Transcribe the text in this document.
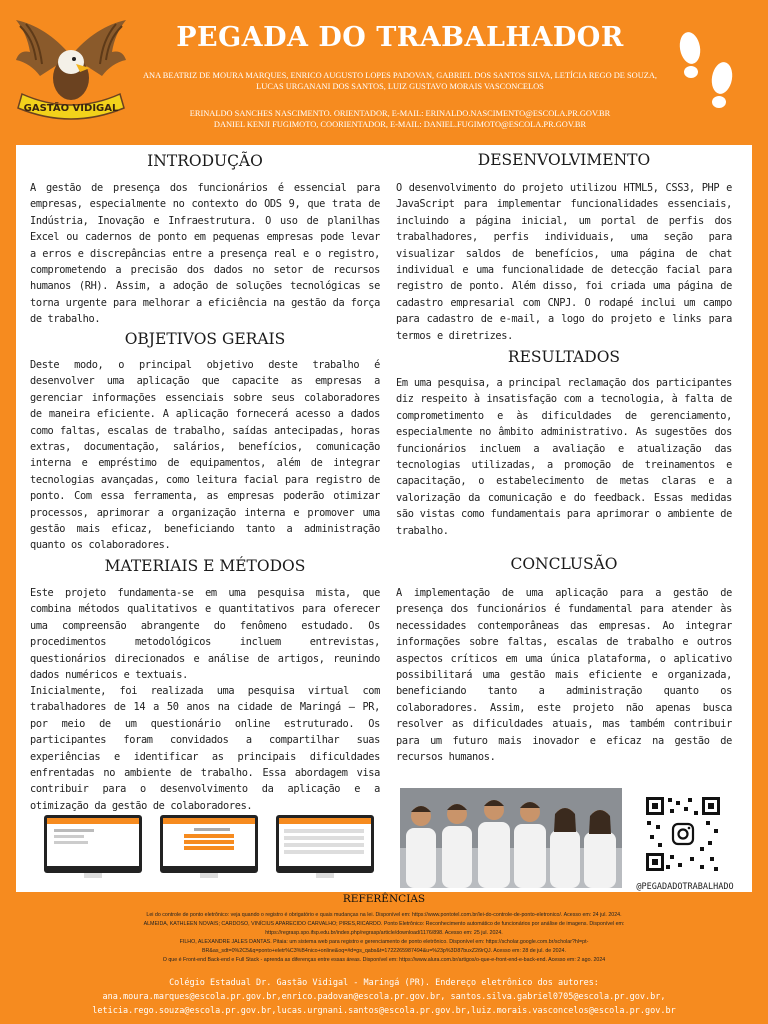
GASTÃO VIDIGAL
PEGADA DO TRABALHADOR

ANA BEATRIZ DE MOURA MARQUES, ENRICO AUGUSTO LOPES PADOVAN, GABRIEL DOS SANTOS SILVA, LETÍCIA REGO DE SOUZA, LUCAS URGANANI DOS SANTOS, LUIZ GUSTAVO MORAIS VASCONCELOS

ERINALDO SANCHES NASCIMENTO. ORIENTADOR, E-MAIL: ERINALDO.NASCIMENTO@ESCOLA.PR.GOV.BR
DANIEL KENJI FUGIMOTO, COORIENTADOR, E-MAIL: DANIEL.FUGIMOTO@ESCOLA.PR.GOV.BR
INTRODUÇÃO

A gestão de presença dos funcionários é essencial para empresas, especialmente no contexto do ODS 9, que trata de Indústria, Inovação e Infraestrutura. O uso de planilhas Excel ou cadernos de ponto em pequenas empresas pode levar a erros e discrepâncias entre a presença real e o registro, comprometendo a precisão dos dados no setor de recursos humanos (RH). Assim, a adoção de soluções tecnológicas se torna urgente para melhorar a eficiência na gestão da força de trabalho.

OBJETIVOS GERAIS

Deste modo, o principal objetivo deste trabalho é desenvolver uma aplicação que capacite as empresas a gerenciar informações essenciais sobre seus colaboradores de maneira eficiente. A aplicação fornecerá acesso a dados como faltas, escalas de trabalho, saídas antecipadas, horas extras, documentação, salários, benefícios, comunicação interna e empréstimo de equipamentos, além de integrar tecnologias avançadas, como leitura facial para registro de ponto. Com essa ferramenta, as empresas poderão otimizar processos, aprimorar a organização interna e promover uma gestão mais eficaz, beneficiando tanto a administração quanto os colaboradores.

MATERIAIS E MÉTODOS

Este projeto fundamenta-se em uma pesquisa mista, que combina métodos qualitativos e quantitativos para oferecer uma compreensão abrangente do fenômeno estudado. Os procedimentos metodológicos incluem entrevistas, questionários direcionados e análise de artigos, reunindo dados numéricos e textuais.

Inicialmente, foi realizada uma pesquisa virtual com trabalhadores de 14 a 50 anos na cidade de Maringá – PR, por meio de um questionário online estruturado. Os participantes foram convidados a compartilhar suas experiências e identificar as principais dificuldades enfrentadas no ambiente de trabalho. Essa abordagem visa contribuir para o desenvolvimento da aplicação e a otimização da gestão de colaboradores.

DESENVOLVIMENTO

O desenvolvimento do projeto utilizou HTML5, CSS3, PHP e JavaScript para implementar funcionalidades essenciais, incluindo a página inicial, um portal de perfis dos trabalhadores, perfis individuais, uma seção para visualizar saldos de benefícios, uma página de chat individual e uma funcionalidade de detecção facial para registro de ponto. Além disso, foi criada uma página de cadastro empresarial com CNPJ. O rodapé inclui um campo para cadastro de e-mail, a logo do projeto e links para termos e diretrizes.

RESULTADOS

Em uma pesquisa, a principal reclamação dos participantes diz respeito à insatisfação com a tecnologia, à falta de comprometimento e às dificuldades de gerenciamento, especialmente no âmbito administrativo. As sugestões dos funcionários incluem a avaliação e atualização das tecnologias utilizadas, a promoção de treinamentos e capacitação, o estabelecimento de metas claras e a valorização da comunicação e do feedback. Essas medidas são vistas como fundamentais para aprimorar o ambiente de trabalho.

CONCLUSÃO

A implementação de uma aplicação para a gestão de presença dos funcionários é fundamental para atender às necessidades contemporâneas das empresas. Ao integrar informações sobre faltas, escalas de trabalho e outros aspectos críticos em uma única plataforma, o aplicativo possibilitará uma gestão mais eficiente e organizada, beneficiando tanto a administração quanto os colaboradores. Assim, este projeto não apenas busca resolver as dificuldades atuais, mas também contribuir para um futuro mais inovador e eficaz na gestão de recursos humanos.

@PEGADADOTRABALHADO
REFERÊNCIAS
Lei do controle de ponto eletrônico: veja quando o registro é obrigatório e quais mudanças na lei. Disponível em: https://www.pontotel.com.br/lei-do-controle-de-ponto-eletronico/. Acesso em: 24 jul. 2024.
ALMEIDA, KATHLEEN NOVAIS; CARDOSO, VINÍCIUS APARECIDO CARVALHO; PIRES,RICARDO. Ponto Eletrônico: Reconhecimento automático de funcionários por análise de imagens. Disponível em: https://regrasp.spo.ifsp.edu.br/index.php/regrasp/article/download/1176/898. Acesso em: 25 jul. 2024.
FILHO, ALEXANDRE JALES DANTAS. Pitaia: um sistema web para registro e gerenciamento de ponto eletrônico. Disponível em: https://scholar.google.com.br/scholar?hl=pt-BR&as_sdt=0%2C5&q=ponto+eletr%C3%B4nico+online&oq=#d=gs_qabs&t=1722265987494&u=%23p%3D87buxZ2i9rQJ. Acesso em: 28 de jul. de 2024.
O que é Front-end Back-end e Full Stack - aprenda as diferenças entre essas áreas. Disponível em: https://www.alura.com.br/artigos/o-que-e-front-end-e-back-end. Acesso em: 2 ago. 2024
Colégio Estadual Dr. Gastão Vidigal - Maringá (PR). Endereço eletrônico dos autores:
ana.moura.marques@escola.pr.gov.br,enrico.padovan@escola.pr.gov.br, santos.silva.gabriel0705@escola.pr.gov.br,
leticia.rego.souza@escola.pr.gov.br,lucas.urgnani.santos@escola.pr.gov.br,luiz.morais.vasconcelos@escola.pr.gov.br
